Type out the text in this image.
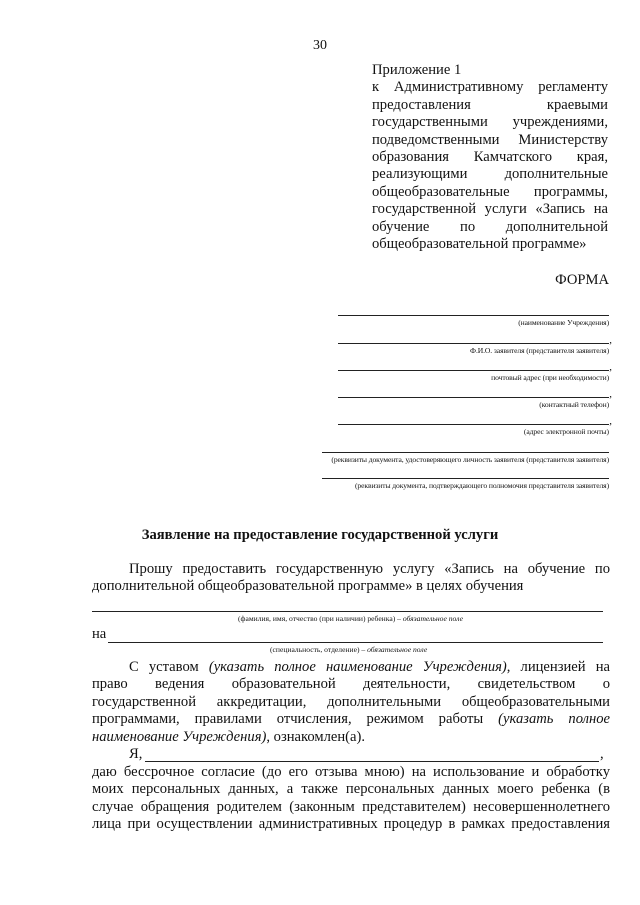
30
Приложение 1
к Административному регламенту
предоставления краевыми
государственными учреждениями,
подведомственными Министерству
образования Камчатского края,
реализующими дополнительные
общеобразовательные программы,
государственной услуги «Запись на
обучение по дополнительной
общеобразовательной программе»
ФОРМА
(наименование Учреждения)
,
Ф.И.О. заявителя (представителя заявителя)
,
почтовый адрес (при необходимости)
,
(контактный телефон)
,
(адрес электронной почты)
(реквизиты документа, удостоверяющего личность заявителя (представителя заявителя)
(реквизиты документа, подтверждающего полномочия представителя заявителя)
Заявление на предоставление государственной услуги
Прошу предоставить государственную услугу «Запись на обучение по
дополнительной общеобразовательной программе» в целях обучения
(фамилия, имя, отчество (при наличии) ребенка) – обязательное поле
на
(специальность, отделение) – обязательное поле
С уставом (указать полное наименование Учреждения), лицензией на
право ведения образовательной деятельности, свидетельством о
государственной аккредитации, дополнительными общеобразовательными
программами, правилами отчисления, режимом работы (указать полное
наименование Учреждения), ознакомлен(а).
Я,	,
даю бессрочное согласие (до его отзыва мною) на использование и обработку
моих персональных данных, а также персональных данных моего ребенка (в
случае обращения родителем (законным представителем) несовершеннолетнего
лица при осуществлении административных процедур в рамках предоставления
